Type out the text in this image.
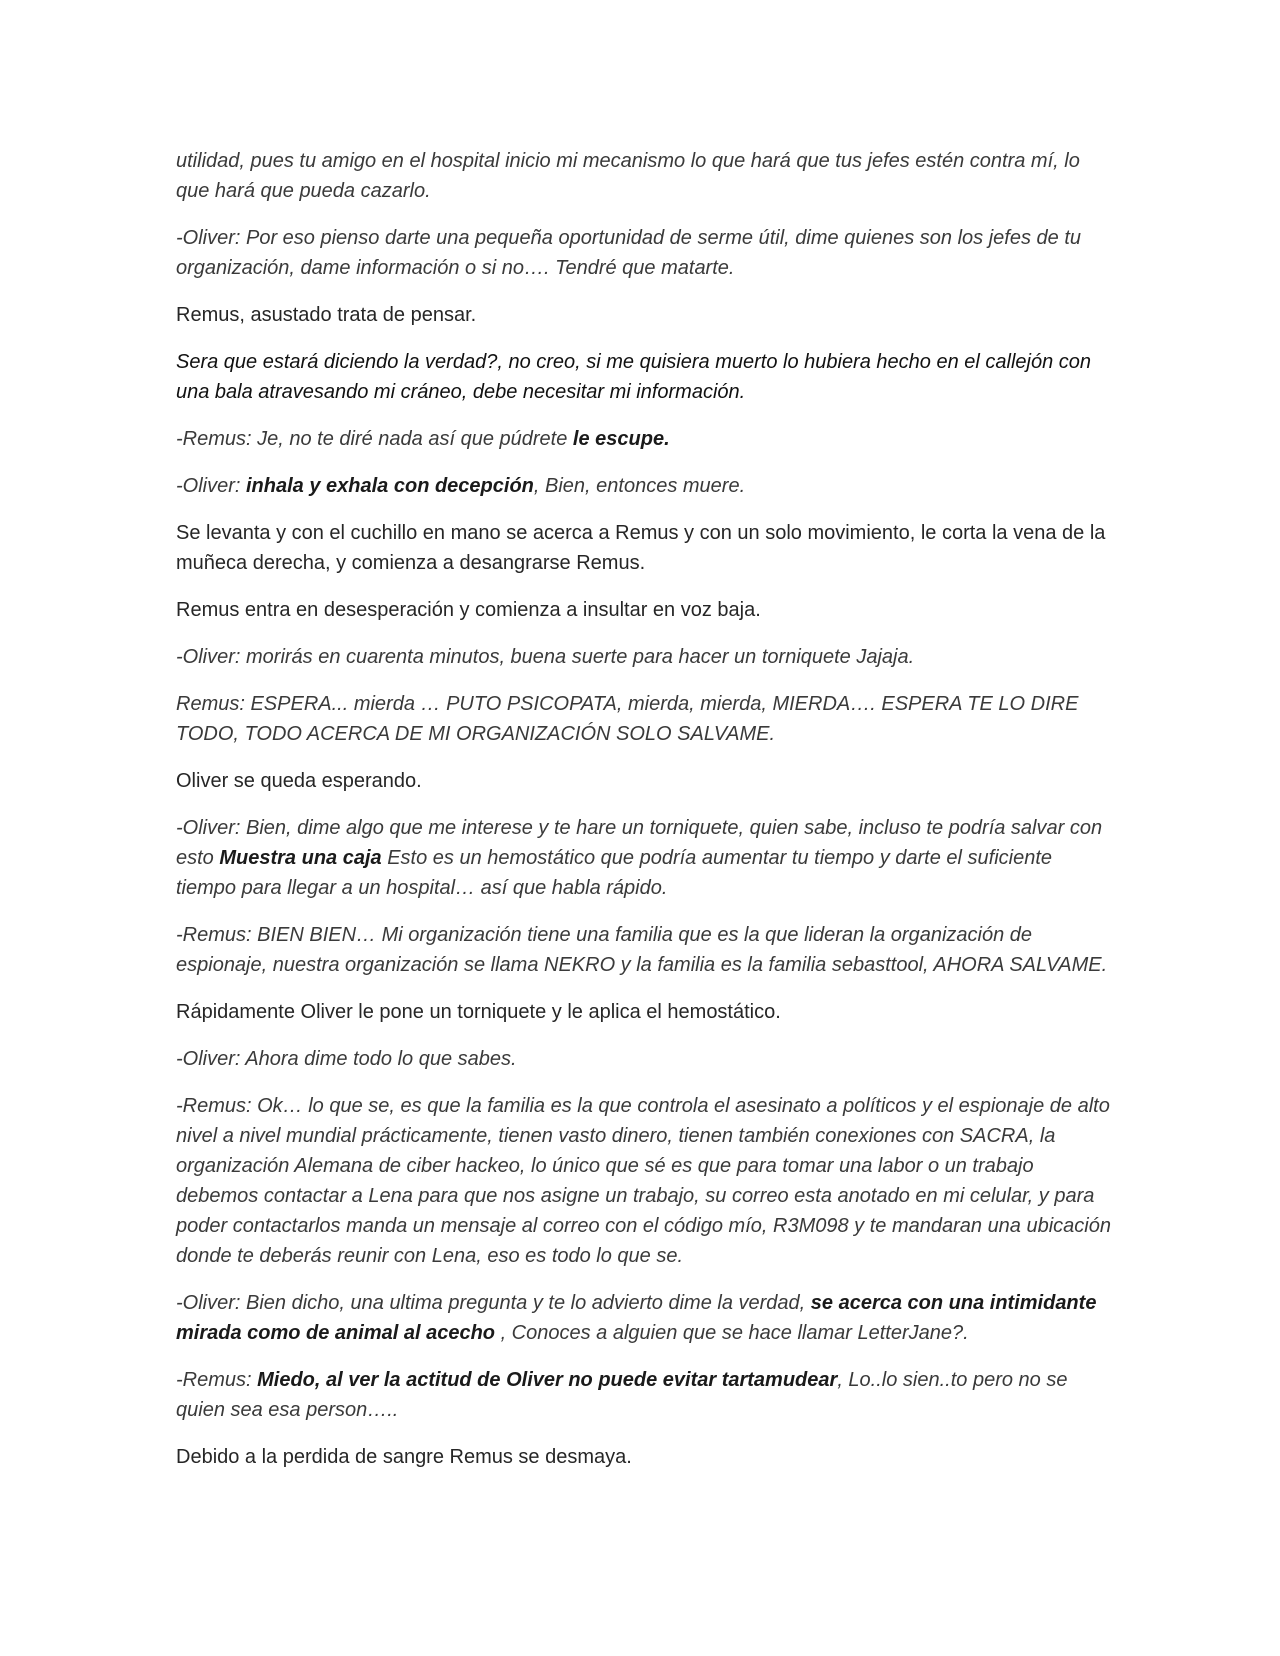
utilidad, pues tu amigo en el hospital inicio mi mecanismo lo que hará que tus jefes estén contra mí, lo que hará que pueda cazarlo.

-Oliver: Por eso pienso darte una pequeña oportunidad de serme útil, dime quienes son los jefes de tu organización, dame información o si no…. Tendré que matarte.

Remus, asustado trata de pensar.

Sera que estará diciendo la verdad?, no creo, si me quisiera muerto lo hubiera hecho en el callejón con una bala atravesando mi cráneo, debe necesitar mi información.

-Remus: Je, no te diré nada así que púdrete le escupe.

-Oliver: inhala y exhala con decepción, Bien, entonces muere.

Se levanta y con el cuchillo en mano se acerca a Remus y con un solo movimiento, le corta la vena de la muñeca derecha, y comienza a desangrarse Remus.

Remus entra en desesperación y comienza a insultar en voz baja.

-Oliver: morirás en cuarenta minutos, buena suerte para hacer un torniquete Jajaja.

Remus: ESPERA... mierda … PUTO PSICOPATA, mierda, mierda, MIERDA…. ESPERA TE LO DIRE TODO, TODO ACERCA DE MI ORGANIZACIÓN SOLO SALVAME.

Oliver se queda esperando.

-Oliver: Bien, dime algo que me interese y te hare un torniquete, quien sabe, incluso te podría salvar con esto Muestra una caja Esto es un hemostático que podría aumentar tu tiempo y darte el suficiente tiempo para llegar a un hospital… así que habla rápido.

-Remus: BIEN BIEN… Mi organización tiene una familia que es la que lideran la organización de espionaje, nuestra organización se llama NEKRO y la familia es la familia sebasttool, AHORA SALVAME.

Rápidamente Oliver le pone un torniquete y le aplica el hemostático.

-Oliver: Ahora dime todo lo que sabes.

-Remus: Ok… lo que se, es que la familia es la que controla el asesinato a políticos y el espionaje de alto nivel a nivel mundial prácticamente, tienen vasto dinero, tienen también conexiones con SACRA, la organización Alemana de ciber hackeo, lo único que sé es que para tomar una labor o un trabajo debemos contactar a Lena para que nos asigne un trabajo, su correo esta anotado en mi celular, y para poder contactarlos manda un mensaje al correo con el código mío, R3M098 y te mandaran una ubicación donde te deberás reunir con Lena, eso es todo lo que se.

-Oliver: Bien dicho, una ultima pregunta y te lo advierto dime la verdad, se acerca con una intimidante mirada como de animal al acecho , Conoces a alguien que se hace llamar LetterJane?.

-Remus: Miedo, al ver la actitud de Oliver no puede evitar tartamudear, Lo..lo sien..to pero no se quien sea esa person…..

Debido a la perdida de sangre Remus se desmaya.
